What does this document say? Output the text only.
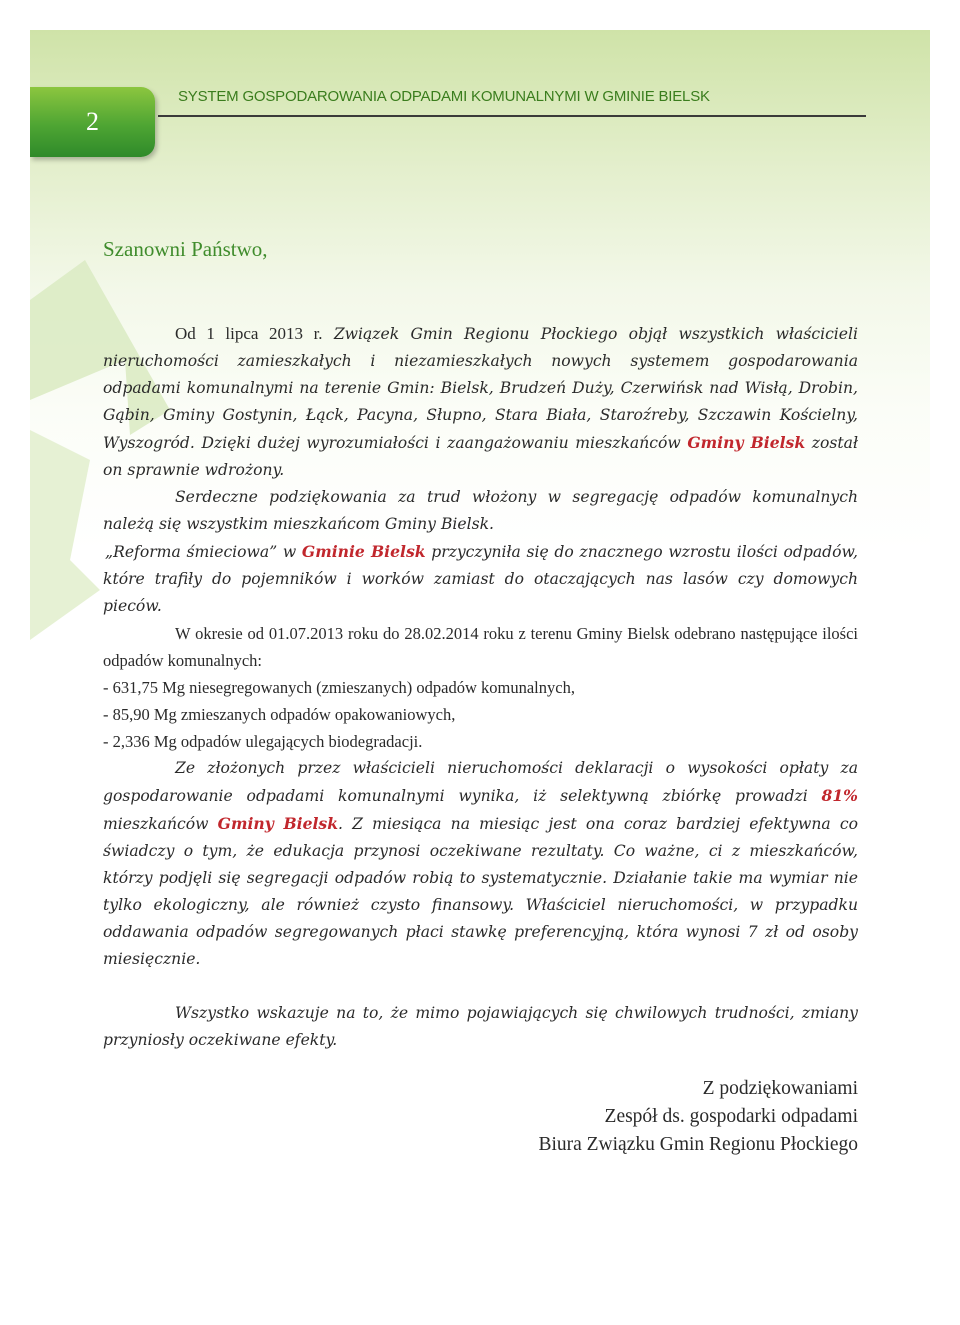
2
SYSTEM GOSPODAROWANIA ODPADAMI KOMUNALNYMI W GMINIE BIELSK
Szanowni Państwo,

Od 1 lipca 2013 r. Związek Gmin Regionu Płockiego objął wszystkich właścicieli nieruchomości zamieszkałych i niezamieszkałych nowych systemem gospodarowania odpadami komunalnymi na terenie Gmin: Bielsk, Brudzeń Duży, Czerwińsk nad Wisłą, Drobin, Gąbin, Gminy Gostynin, Łąck, Pacyna, Słupno, Stara Biała, Staroźreby, Szczawin Kościelny, Wyszogród. Dzięki dużej wyrozumiałości i zaangażowaniu mieszkańców Gminy Bielsk został on sprawnie wdrożony.

Serdeczne podziękowania za trud włożony w segregację odpadów komunalnych należą się wszystkim mieszkańcom Gminy Bielsk.

„Reforma śmieciowa” w Gminie Bielsk przyczyniła się do znacznego wzrostu ilości odpadów, które trafiły do pojemników i worków zamiast do otaczających nas lasów czy domowych pieców.

W okresie od 01.07.2013 roku do 28.02.2014 roku z terenu Gminy Bielsk odebrano następujące ilości odpadów komunalnych:

- 631,75 Mg niesegregowanych (zmieszanych) odpadów komunalnych,

- 85,90 Mg zmieszanych odpadów opakowaniowych,

- 2,336 Mg odpadów ulegających biodegradacji.

Ze złożonych przez właścicieli nieruchomości deklaracji o wysokości opłaty za gospodarowanie odpadami komunalnymi wynika, iż selektywną zbiórkę prowadzi 81% mieszkańców Gminy Bielsk. Z miesiąca na miesiąc jest ona coraz bardziej efektywna co świadczy o tym, że edukacja przynosi oczekiwane rezultaty. Co ważne, ci z mieszkańców, którzy podjęli się segregacji odpadów robią to systematycznie. Działanie takie ma wymiar nie tylko ekologiczny, ale również czysto finansowy. Właściciel nieruchomości, w przypadku oddawania odpadów segregowanych płaci stawkę preferencyjną, która wynosi 7 zł od osoby miesięcznie.

Wszystko wskazuje na to, że mimo pojawiających się chwilowych trudności, zmiany przyniosły oczekiwane efekty.

Z podziękowaniami
Zespół ds. gospodarki odpadami
Biura Związku Gmin Regionu Płockiego
